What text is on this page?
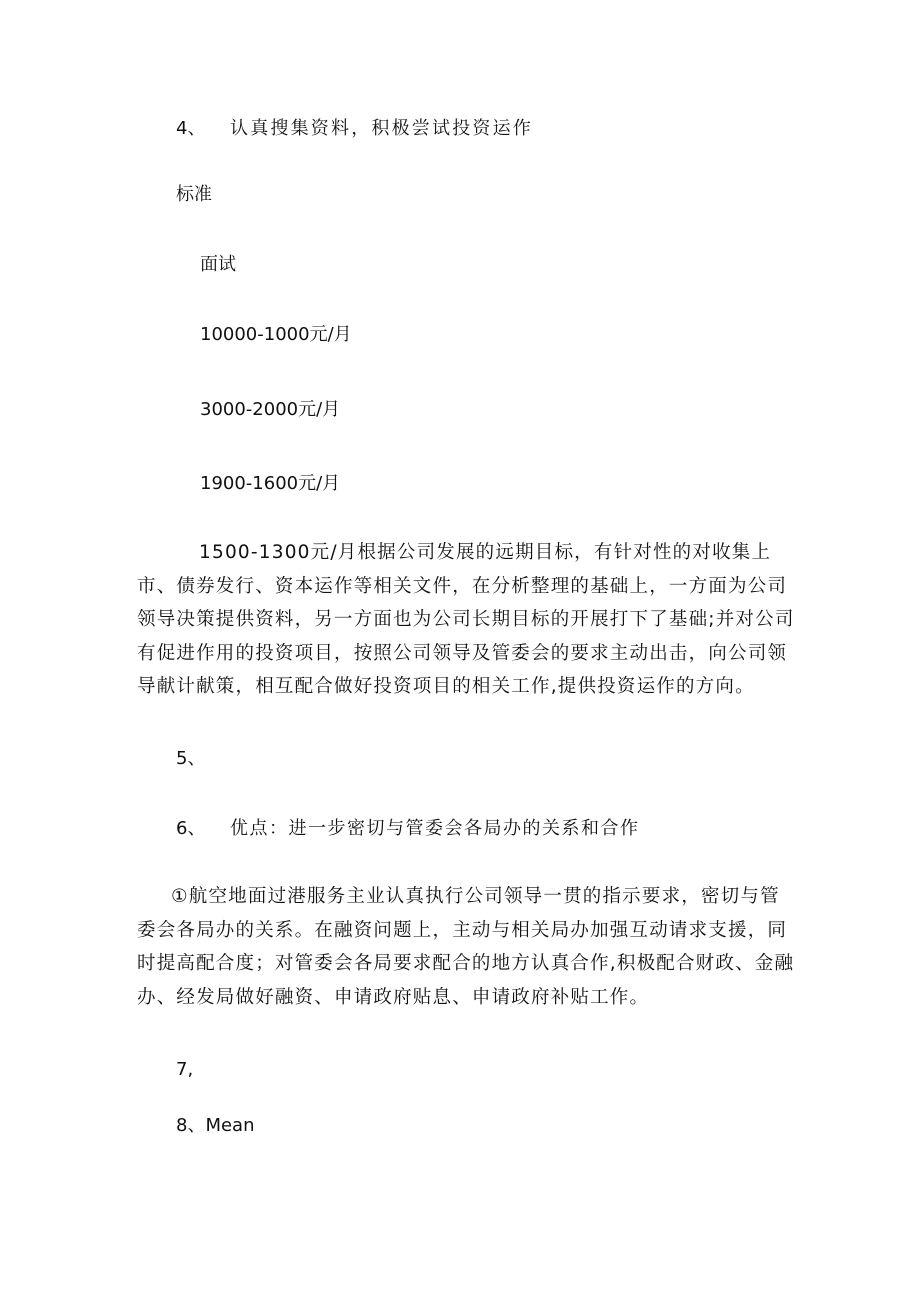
4、 认真搜集资料，积极尝试投资运作
标准
面试
10000-1000元/月
3000-2000元/月
1900-1600元/月
1500-1300元/月根据公司发展的远期目标，有针对性的对收集上市、债券发行、资本运作等相关文件，在分析整理的基础上，一方面为公司领导决策提供资料，另一方面也为公司长期目标的开展打下了基础;并对公司有促进作用的投资项目，按照公司领导及管委会的要求主动出击，向公司领导献计献策，相互配合做好投资项目的相关工作,提供投资运作的方向。
5、
6、 优点：进一步密切与管委会各局办的关系和合作
①航空地面过港服务主业认真执行公司领导一贯的指示要求，密切与管委会各局办的关系。在融资问题上，主动与相关局办加强互动请求支援，同时提高配合度；对管委会各局要求配合的地方认真合作,积极配合财政、金融办、经发局做好融资、申请政府贴息、申请政府补贴工作。
7,
8、Mean
